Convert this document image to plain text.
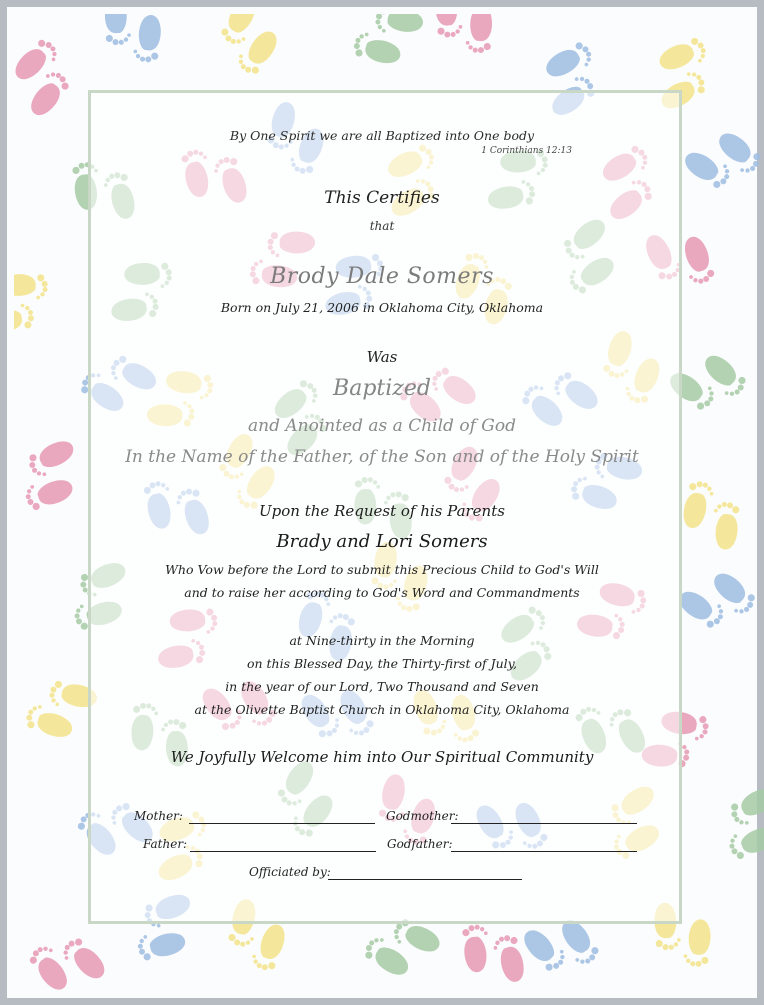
By One Spirit we are all Baptized into One body
1 Corinthians 12:13
This Certifies
that
Brody Dale Somers
Born on July 21, 2006 in Oklahoma City, Oklahoma
Was
Baptized
and Anointed as a Child of God
In the Name of the Father, of the Son and of the Holy Spirit
Upon the Request of his Parents
Brady and Lori Somers
Who Vow before the Lord to submit this Precious Child to God's Will
and to raise her according to God's Word and Commandments
at Nine-thirty in the Morning
on this Blessed Day, the Thirty-first of July,
in the year of our Lord, Two Thousand and Seven
at the Olivette Baptist Church in Oklahoma City, Oklahoma
We Joyfully Welcome him into Our Spiritual Community
Mother:	Godmother:
Father:	Godfather:
Officiated by:
